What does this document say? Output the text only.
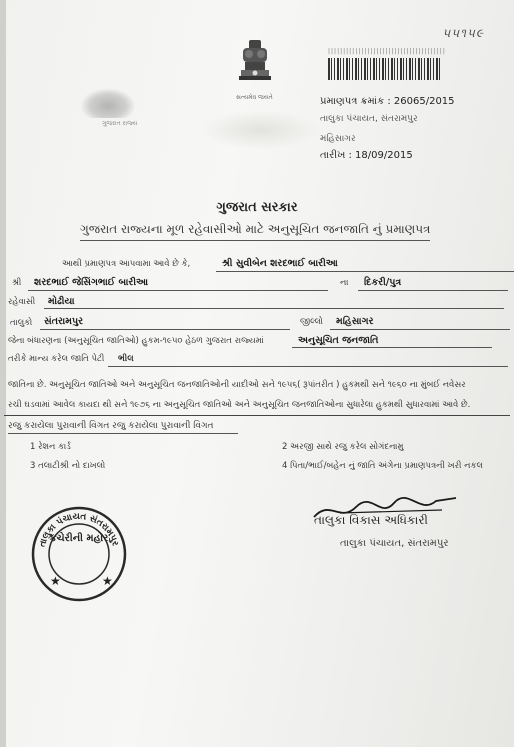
૫૫૧૫૯
|||||||||||||||||||||||||||||||||||||||
સત્યમેવ જયતે
ગુજરાત રાજ્ય
પ્રમાણપત્ર ક્રમાંક : 26065/2015
તાલુકા પંચાયત, સંતરામપુર
મહિસાગર
તારીખ : 18/09/2015
ગુજરાત સરકાર
ગુજરાત રાજ્યના મૂળ રહેવાસીઓ માટે અનુસૂચિત જનજાતિ નું પ્રમાણપત્ર
આથી પ્રમાણપત્ર આપવામા આવે છે કે,	શ્રી સુવીબેન શરદભાઈ બારીઆ
શ્રી શરદભાઈ જેસિંગભાઈ બારીઆ	ના દિકરી/પુત્ર
રહેવાસી મોઢીયા
તાલુકો સંતરામપુર	જીલ્લો મહિસાગર
જેના બંધારણના (અનુસૂચિત જાતિઓ) હુકમ-૧૯૫૦ હેઠળ ગુજરાત રાજ્યમાં	અનુસૂચિત જનજાતિ
તરીકે માન્ય કરેલ જાતિ પેટી ભીલ
જાતિના છે. અનુસૂચિત જાતિઓ અને અનુસૂચિત જનજાતિઓની યાદીઓ સને ૧૯૫૬( રૂપાંતરીત ) હુકમથી સને ૧૯૬૦ ના મુંબઈ નવેસર
રચી ઘડવામાં આવેલ કાયદા થી સને ૧૯૭૬ ના અનુસૂચિત જાતિઓ અને અનુસૂચિત જનજાતિઓના સુધારેલા હુકમથી સુધારવામાં આવે છે.
રજુ કરાયેલા પુરાવાની વિગત રજુ કરાયેલા પુરાવાની વિગત
1 રેશન કાર્ડ	2 અરજી સાથે રજુ કરેલ સોગંદનામુ
3 તલાટીશ્રી નો દાખલો	4 પિતા/ભાઈ/બહેન નું જાતિ અંગેના પ્રમાણપત્રની ખરી નકલ
તાલુકા પંચાયત સંતરામપુર
કચેરીની મહોર
★
★
તાલુકા વિકાસ અધિકારી
તાલુકા પંચાયત, સંતરામપુર
